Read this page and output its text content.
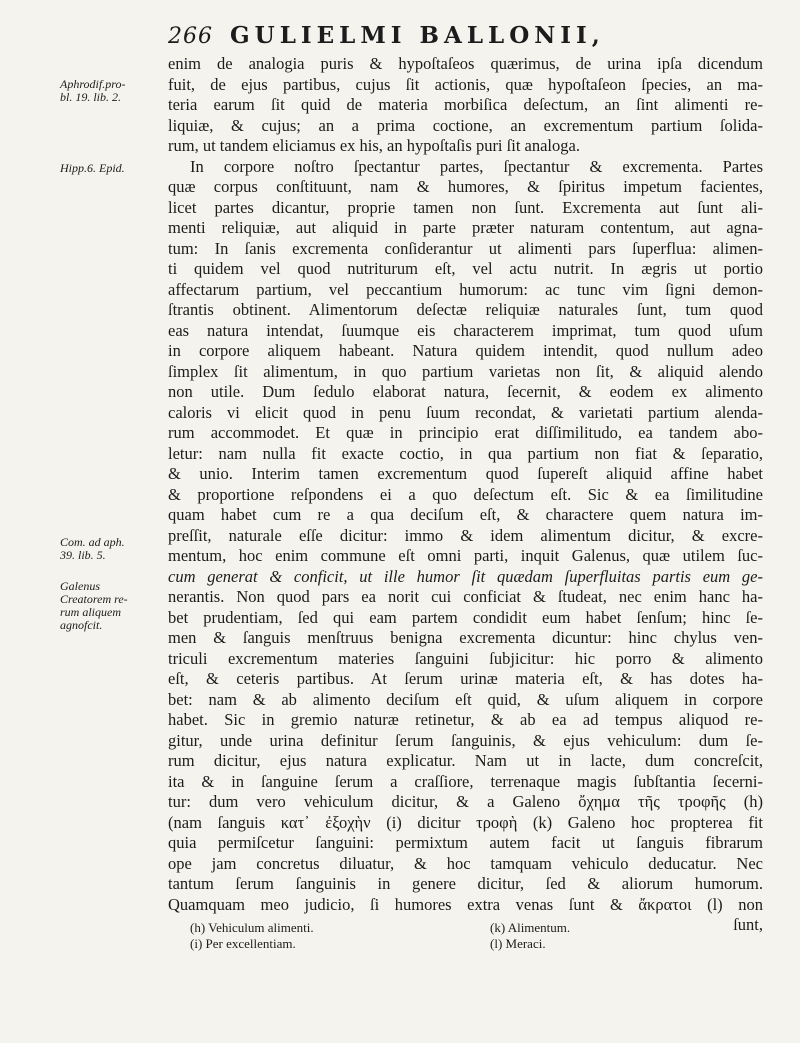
266 GULIELMI BALLONII,
Aphrodif.pro-
bl. 19. lib. 2.
Hipp.6. Epid.
Com. ad aph.
39. lib. 5.
Galenus
Creatorem re-
rum aliquem
agnofcit.
enim de analogia puris & hypoſtaſeos quærimus, de urina ipſa dicendum
fuit, de ejus partibus, cujus ſit actionis, quæ hypoſtaſeon ſpecies, an ma-
teria earum ſit quid de materia morbiſica deſectum, an ſint alimenti re-
liquiæ, & cujus; an a prima coctione, an excrementum partium ſolida-
rum, ut tandem eliciamus ex his, an hypoſtaſis puri ſit analoga.
In corpore noſtro ſpectantur partes, ſpectantur & excrementa. Partes
quæ corpus conſtituunt, nam & humores, & ſpiritus impetum facientes,
licet partes dicantur, proprie tamen non ſunt. Excrementa aut ſunt ali-
menti reliquiæ, aut aliquid in parte præter naturam contentum, aut agna-
tum: In ſanis excrementa conſiderantur ut alimenti pars ſuperflua: alimen-
ti quidem vel quod nutriturum eſt, vel actu nutrit. In ægris ut portio
affectarum partium, vel peccantium humorum: ac tunc vim ſigni demon-
ſtrantis obtinent. Alimentorum deſectæ reliquiæ naturales ſunt, tum quod
eas natura intendat, ſuumque eis characterem imprimat, tum quod uſum
in corpore aliquem habeant. Natura quidem intendit, quod nullum adeo
ſimplex ſit alimentum, in quo partium varietas non ſit, & aliquid alendo
non utile. Dum ſedulo elaborat natura, ſecernit, & eodem ex alimento
caloris vi elicit quod in penu ſuum recondat, & varietati partium alenda-
rum accommodet. Et quæ in principio erat diſſimilitudo, ea tandem abo-
letur: nam nulla fit exacte coctio, in qua partium non fiat & ſeparatio,
& unio. Interim tamen excrementum quod ſupereſt aliquid affine habet
& proportione reſpondens ei a quo deſectum eſt. Sic & ea ſimilitudine
quam habet cum re a qua deciſum eſt, & charactere quem natura im-
preſſit, naturale eſſe dicitur: immo & idem alimentum dicitur, & excre-
mentum, hoc enim commune eſt omni parti, inquit Galenus, quæ utilem ſuc-
cum generat & conficit, ut ille humor ſit quædam ſuperfluitas partis eum ge-
nerantis. Non quod pars ea norit cui conficiat & ſtudeat, nec enim hanc ha-
bet prudentiam, ſed qui eam partem condidit eum habet ſenſum; hinc ſe-
men & ſanguis menſtruus benigna excrementa dicuntur: hinc chylus ven-
triculi excrementum materies ſanguini ſubjicitur: hic porro & alimento
eſt, & ceteris partibus. At ſerum urinæ materia eſt, & has dotes ha-
bet: nam & ab alimento deciſum eſt quid, & uſum aliquem in corpore
habet. Sic in gremio naturæ retinetur, & ab ea ad tempus aliquod re-
gitur, unde urina definitur ſerum ſanguinis, & ejus vehiculum: dum ſe-
rum dicitur, ejus natura explicatur. Nam ut in lacte, dum concreſcit,
ita & in ſanguine ſerum a craſſiore, terrenaque magis ſubſtantia ſecerni-
tur: dum vero vehiculum dicitur, & a Galeno ὄχημα τῆς τροφῆς (h)
(nam ſanguis κατ᾽ ἐξοχὴν (i) dicitur τροφὴ (k) Galeno hoc propterea fit
quia permiſcetur ſanguini: permixtum autem facit ut ſanguis fibrarum
ope jam concretus diluatur, & hoc tamquam vehiculo deducatur. Nec
tantum ſerum ſanguinis in genere dicitur, ſed & aliorum humorum.
Quamquam meo judicio, ſi humores extra venas ſunt & ἄκρατοι (l) non
ſunt,
(h) Vehiculum alimenti.
(i) Per excellentiam.
(k) Alimentum.
(l) Meraci.
